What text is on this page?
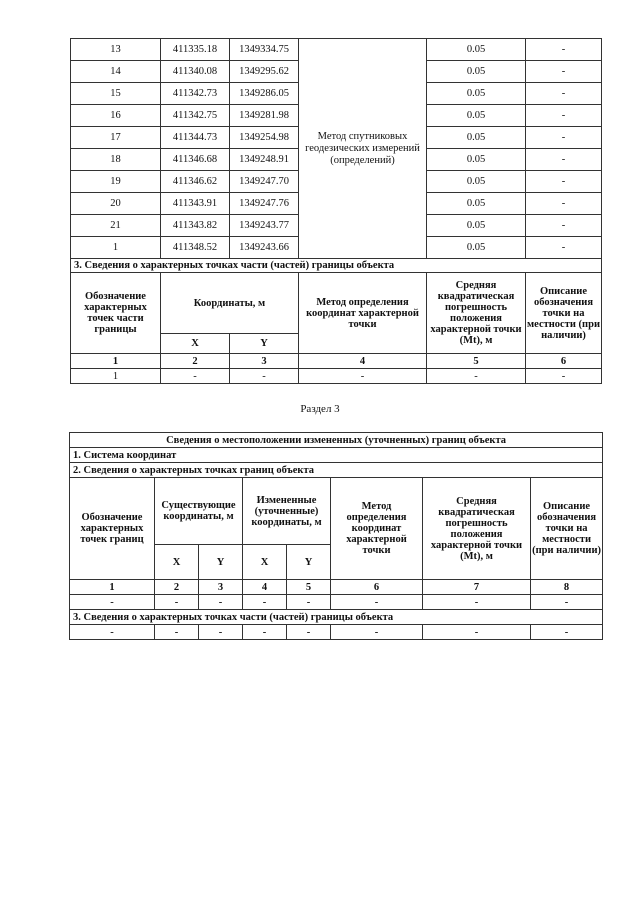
13	411335.18	1349334.75	Метод спутниковых геодезических измерений (определений)	0.05	-
14	411340.08	1349295.62		0.05	-
15	411342.73	1349286.05		0.05	-
16	411342.75	1349281.98		0.05	-
17	411344.73	1349254.98		0.05	-
18	411346.68	1349248.91		0.05	-
19	411346.62	1349247.70		0.05	-
20	411343.91	1349247.76		0.05	-
21	411343.82	1349243.77		0.05	-
1	411348.52	1349243.66		0.05	-
3. Сведения о характерных точках части (частей) границы объекта					
Обозначение характерных точек части границы	Координаты, м		Метод определения координат характерной точки	Средняя квадратическая погрешность положения характерной точки (Mt), м	Описание обозначения точки на местности (при наличии)
	X	Y			
1	2	3	4	5	6
1	-	-	-	-	-
Раздел 3
Сведения о местоположении измененных (уточненных) границ объекта							
1. Система координат							
2. Сведения о характерных точках границ объекта							
Обозначение характерных точек границ	Существующие координаты, м		Измененные (уточненные) координаты, м		Метод определения координат характерной точки	Средняя квадратическая погрешность положения характерной точки (Mt), м	Описание обозначения точки на местности (при наличии)
	X	Y	X	Y			
1	2	3	4	5	6	7	8
-	-	-	-	-	-	-	-
3. Сведения о характерных точках части (частей) границы объекта							
-	-	-	-	-	-	-	-
